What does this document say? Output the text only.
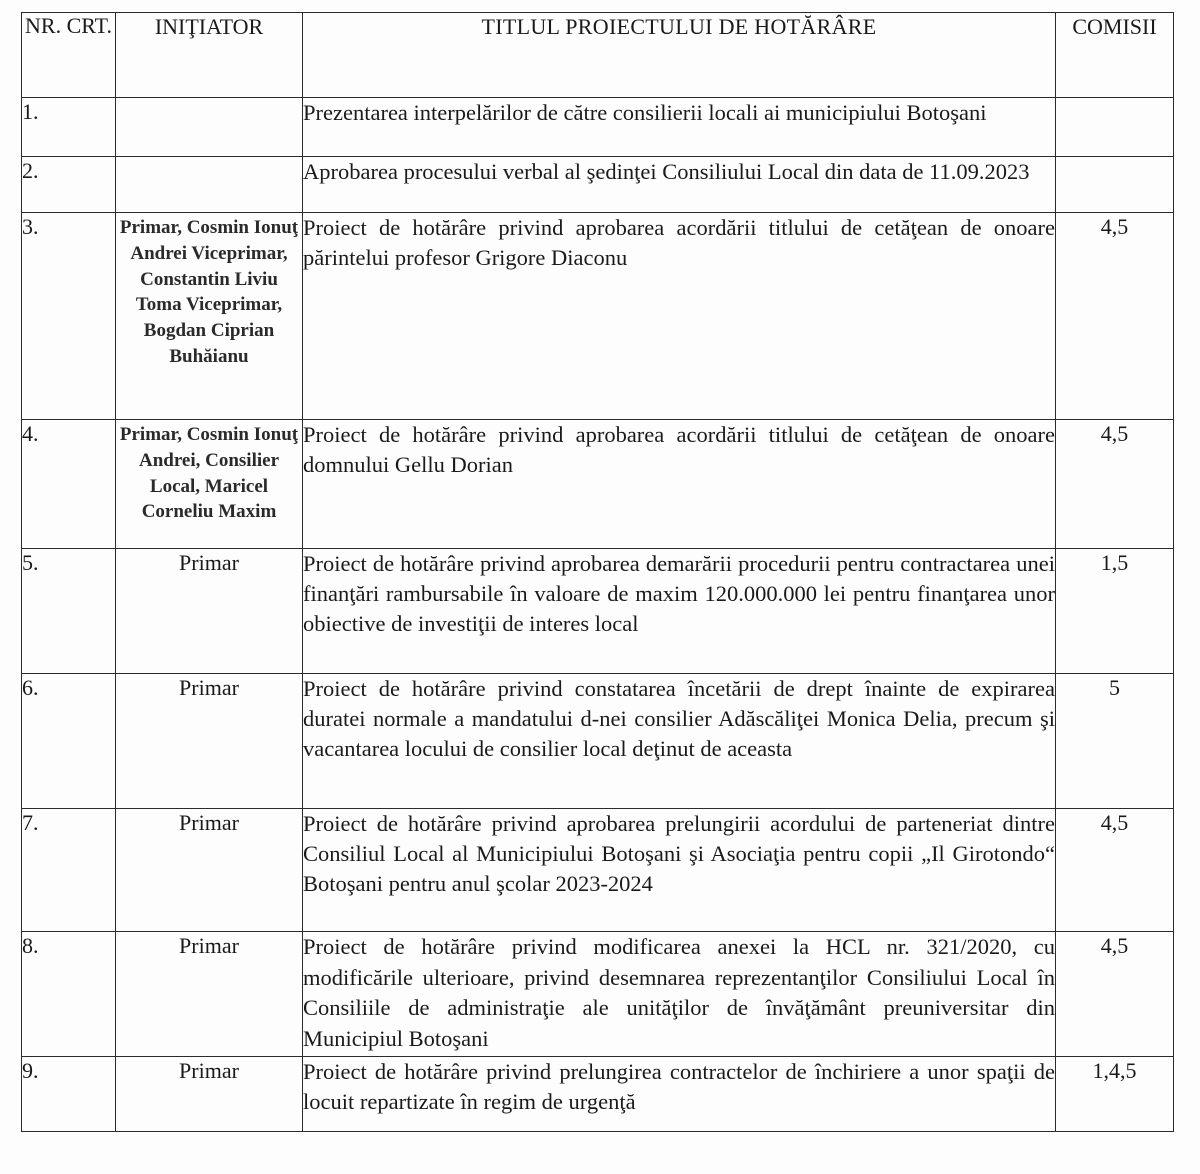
NR. CRT.	INIŢIATOR	TITLUL PROIECTULUI DE HOTĂRÂRE	COMISII
1.		Prezentarea interpelărilor de către consilierii locali ai municipiului Botoşani	
2.		Aprobarea procesului verbal al şedinţei Consiliului Local din data de 11.09.2023	
3.	Primar, Cosmin Ionuţ Andrei Viceprimar, Constantin Liviu Toma Viceprimar, Bogdan Ciprian Buhăianu	Proiect de hotărâre privind aprobarea acordării titlului de cetăţean de onoare părintelui profesor Grigore Diaconu	4,5
4.	Primar, Cosmin Ionuţ Andrei, Consilier Local, Maricel Corneliu Maxim	Proiect de hotărâre privind aprobarea acordării titlului de cetăţean de onoare domnului Gellu Dorian	4,5
5.	Primar	Proiect de hotărâre privind aprobarea demarării procedurii pentru contractarea unei finanţări rambursabile în valoare de maxim 120.000.000 lei pentru finanţarea unor obiective de investiţii de interes local	1,5
6.	Primar	Proiect de hotărâre privind constatarea încetării de drept înainte de expirarea duratei normale a mandatului d-nei consilier Adăscăliţei Monica Delia, precum şi vacantarea locului de consilier local deţinut de aceasta	5
7.	Primar	Proiect de hotărâre privind aprobarea prelungirii acordului de parteneriat dintre Consiliul Local al Municipiului Botoşani şi Asociaţia pentru copii „Il Girotondo“ Botoşani pentru anul şcolar 2023-2024	4,5
8.	Primar	Proiect de hotărâre privind modificarea anexei la HCL nr. 321/2020, cu modificările ulterioare, privind desemnarea reprezentanţilor Consiliului Local în Consiliile de administraţie ale unităţilor de învăţământ preuniversitar din Municipiul Botoşani	4,5
9.	Primar	Proiect de hotărâre privind prelungirea contractelor de închiriere a unor spaţii de locuit repartizate în regim de urgenţă	1,4,5
